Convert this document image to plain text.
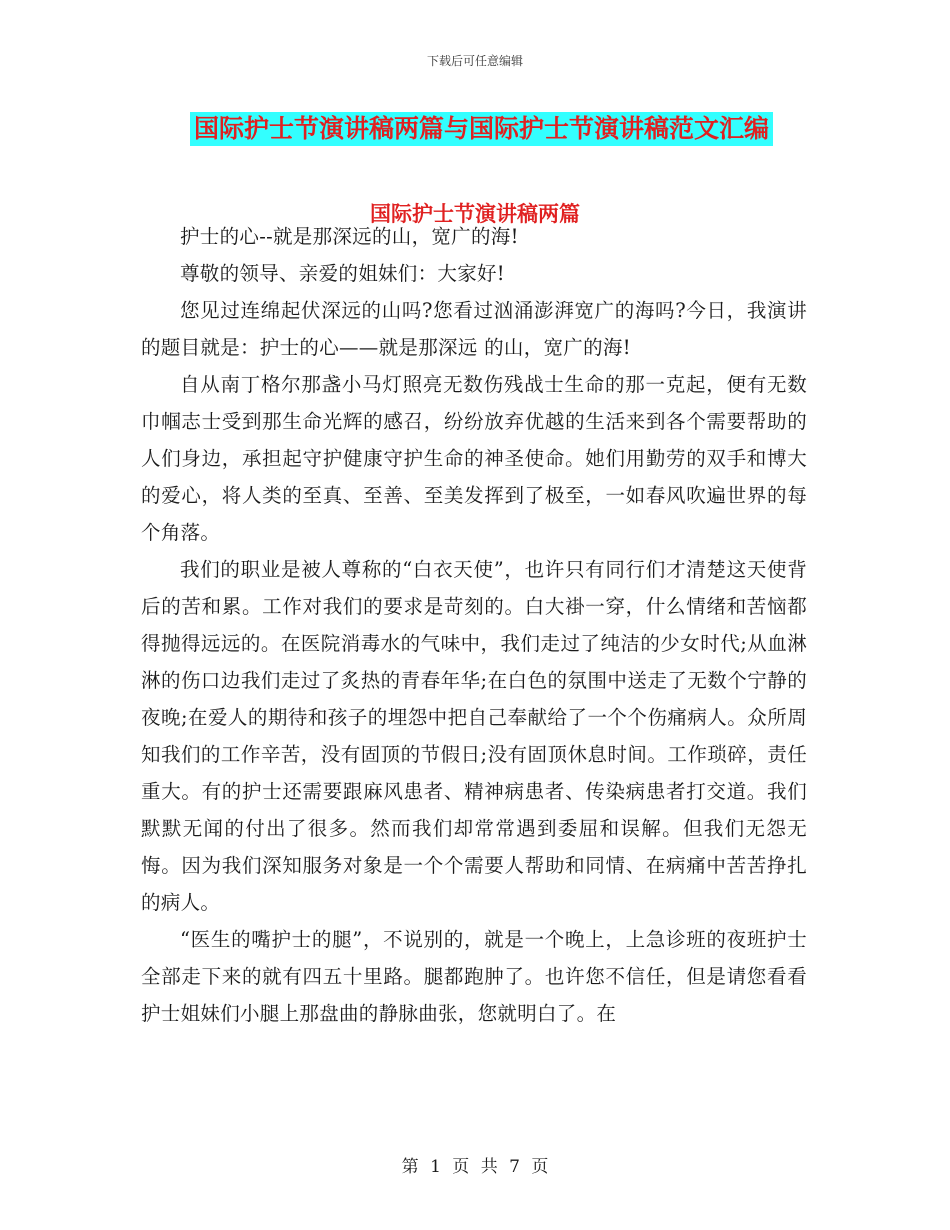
下载后可任意编辑
国际护士节演讲稿两篇与国际护士节演讲稿范文汇编
国际护士节演讲稿两篇

护士的心--就是那深远的山，宽广的海!

尊敬的领导、亲爱的姐妹们：大家好!

您见过连绵起伏深远的山吗?您看过汹涌澎湃宽广的海吗?今日，我演讲的题目就是：护士的心——就是那深远 的山，宽广的海!

自从南丁格尔那盏小马灯照亮无数伤残战士生命的那一克起，便有无数巾帼志士受到那生命光辉的感召，纷纷放弃优越的生活来到各个需要帮助的人们身边，承担起守护健康守护生命的神圣使命。她们用勤劳的双手和博大的爱心，将人类的至真、至善、至美发挥到了极至，一如春风吹遍世界的每个角落。

我们的职业是被人尊称的“白衣天使”，也许只有同行们才清楚这天使背后的苦和累。工作对我们的要求是苛刻的。白大褂一穿，什么情绪和苦恼都得抛得远远的。在医院消毒水的气味中，我们走过了纯洁的少女时代;从血淋淋的伤口边我们走过了炙热的青春年华;在白色的氛围中送走了无数个宁静的夜晚;在爱人的期待和孩子的埋怨中把自己奉献给了一个个伤痛病人。众所周知我们的工作辛苦，没有固顶的节假日;没有固顶休息时间。工作琐碎，责任重大。有的护士还需要跟麻风患者、精神病患者、传染病患者打交道。我们默默无闻的付出了很多。然而我们却常常遇到委屈和误解。但我们无怨无悔。因为我们深知服务对象是一个个需要人帮助和同情、在病痛中苦苦挣扎的病人。

“医生的嘴护士的腿”，不说别的，就是一个晚上，上急诊班的夜班护士全部走下来的就有四五十里路。腿都跑肿了。也许您不信任，但是请您看看护士姐妹们小腿上那盘曲的静脉曲张，您就明白了。在

第 1 页 共 7 页
